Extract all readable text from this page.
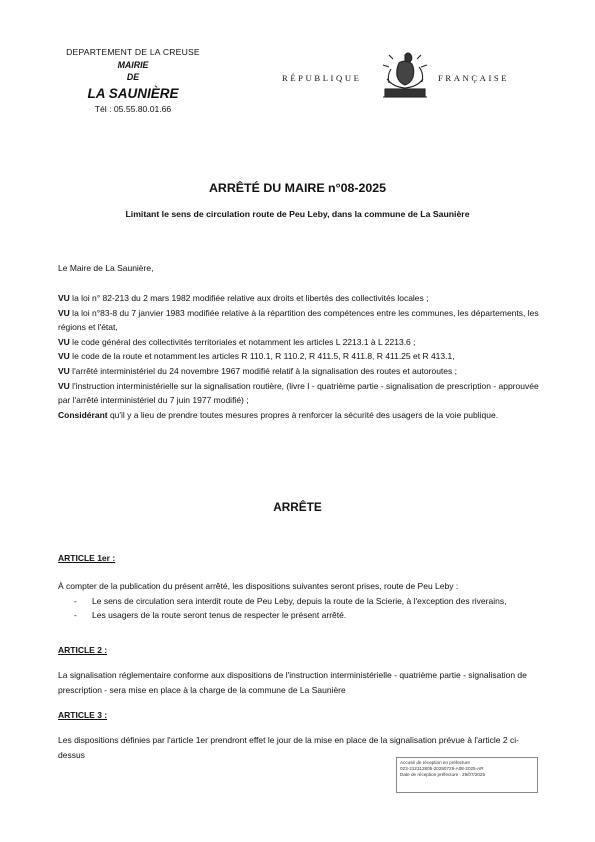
DEPARTEMENT DE LA CREUSE
MAIRIE
DE
LA SAUNIÈRE
Tél : 05.55.80.01.66
RÉPUBLIQUE	FRANÇAISE
ARRÊTÉ DU MAIRE n°08-2025
Limitant le sens de circulation route de Peu Leby, dans la commune de La Saunière
Le Maire de La Saunière,
VU la loi n° 82-213 du 2 mars 1982 modifiée relative aux droits et libertés des collectivités locales ;
VU la loi n°83-8 du 7 janvier 1983 modifiée relative à la répartition des compétences entre les communes, les départements, les régions et l'état,
VU le code général des collectivités territoriales et notamment les articles L 2213.1 à L 2213.6 ;
VU le code de la route et notamment les articles R 110.1, R 110.2, R 411.5, R 411.8, R 411.25 et R 413.1,
VU l'arrêté interministériel du 24 novembre 1967 modifié relatif à la signalisation des routes et autoroutes ;
VU l'instruction interministérielle sur la signalisation routière, (livre I - quatrième partie - signalisation de prescription - approuvée par l'arrêté interministériel du 7 juin 1977 modifié) ;
Considérant qu'il y a lieu de prendre toutes mesures propres à renforcer la sécurité des usagers de la voie publique.
ARRÊTE
ARTICLE 1er :
À compter de la publication du présent arrêté, les dispositions suivantes seront prises, route de Peu Leby :
- Le sens de circulation sera interdit route de Peu Leby, depuis la route de la Scierie, à l'exception des riverains,
- Les usagers de la route seront tenus de respecter le présent arrêté.
ARTICLE 2 :
La signalisation réglementaire conforme aux dispositions de l'instruction interministérielle - quatrième partie - signalisation de prescription - sera mise en place à la charge de la commune de La Saunière
ARTICLE 3 :
Les dispositions définies par l'article 1er prendront effet le jour de la mise en place de la signalisation prévue à l'article 2 ci-dessus
Accusé de réception en préfecture
023-212312805-20250729-A08-2025-AR
Date de réception préfecture : 29/07/2025
